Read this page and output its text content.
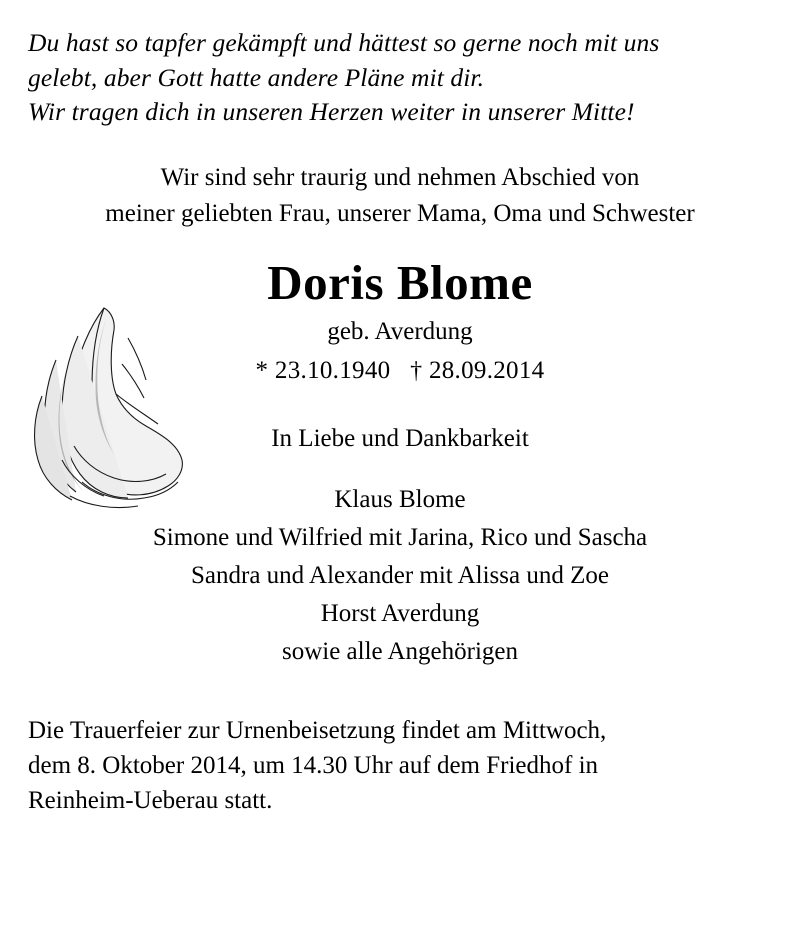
Du hast so tapfer gekämpft und hättest so gerne noch mit uns
gelebt, aber Gott hatte andere Pläne mit dir.
Wir tragen dich in unseren Herzen weiter in unserer Mitte!
Wir sind sehr traurig und nehmen Abschied von
meiner geliebten Frau, unserer Mama, Oma und Schwester
Doris Blome
geb. Averdung
* 23.10.1940 † 28.09.2014
In Liebe und Dankbarkeit
Klaus Blome
Simone und Wilfried mit Jarina, Rico und Sascha
Sandra und Alexander mit Alissa und Zoe
Horst Averdung
sowie alle Angehörigen
Die Trauerfeier zur Urnenbeisetzung findet am Mittwoch,
dem 8. Oktober 2014, um 14.30 Uhr auf dem Friedhof in
Reinheim-Ueberau statt.
